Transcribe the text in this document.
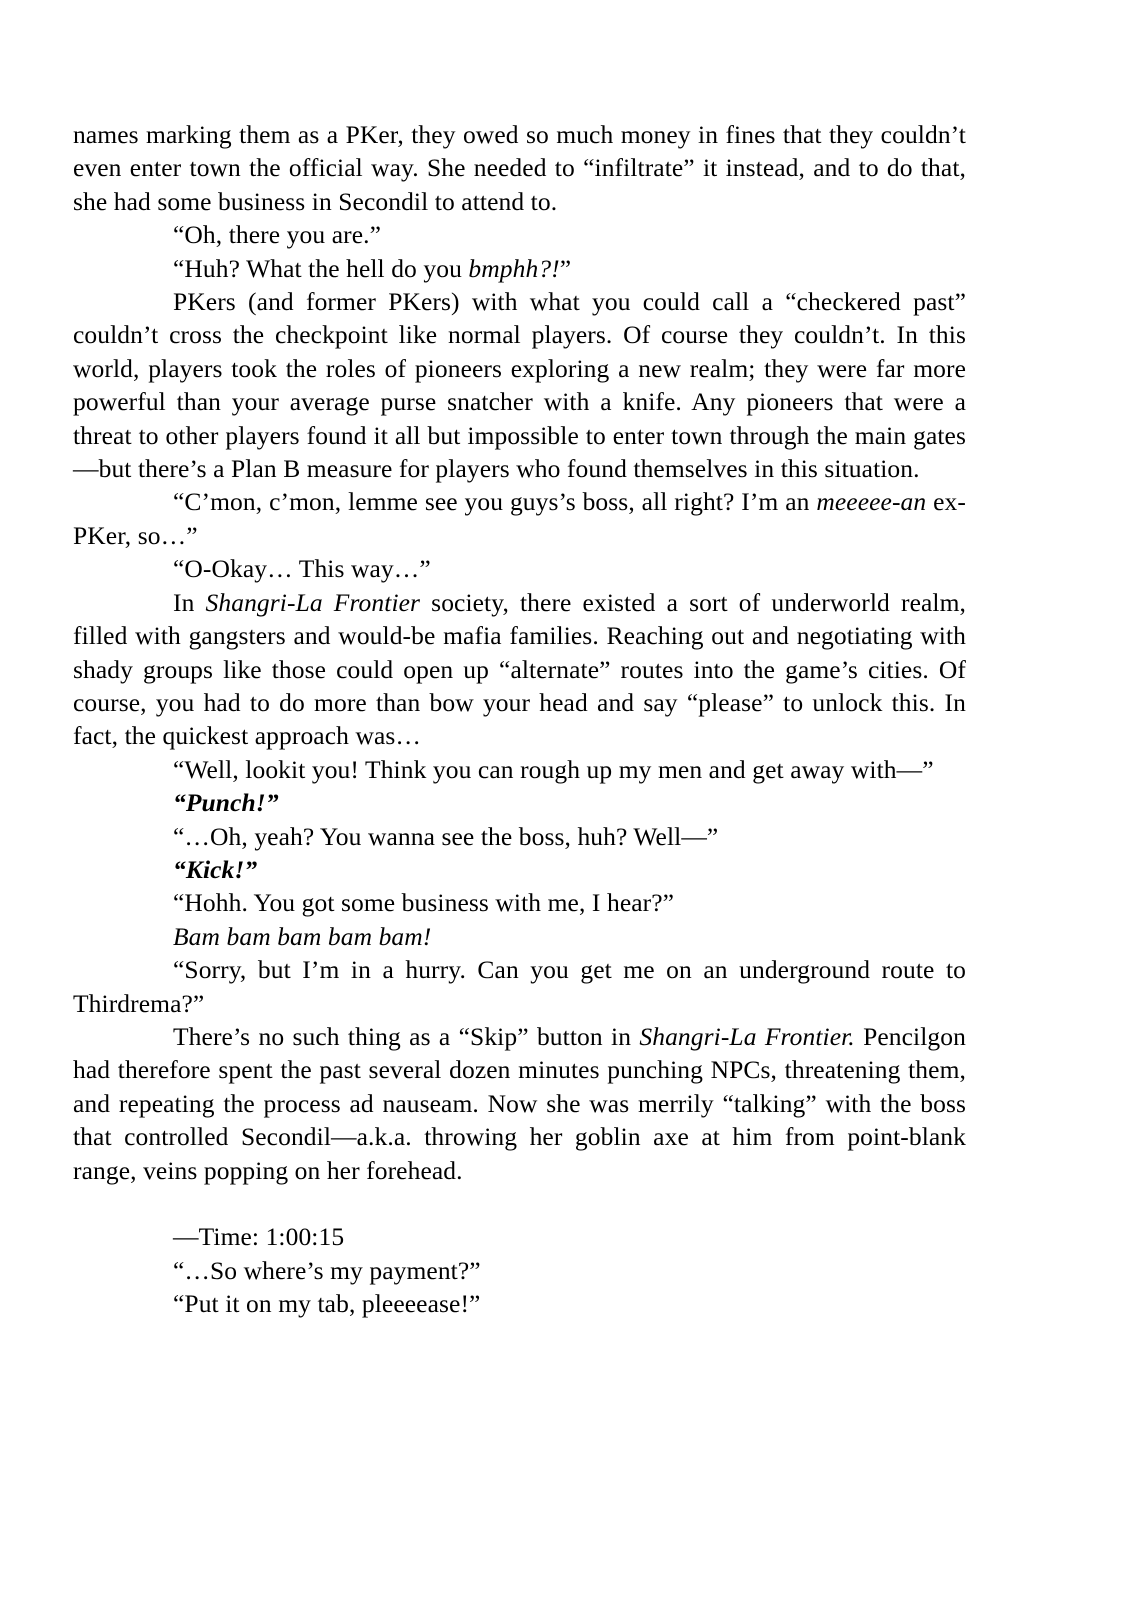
names marking them as a PKer, they owed so much money in fines that they couldn’t even enter town the official way. She needed to “infiltrate” it instead, and to do that, she had some business in Secondil to attend to.

“Oh, there you are.”

“Huh? What the hell do you bmphh?!”

PKers (and former PKers) with what you could call a “checkered past” couldn’t cross the checkpoint like normal players. Of course they couldn’t. In this world, players took the roles of pioneers exploring a new realm; they were far more powerful than your average purse snatcher with a knife. Any pioneers that were a threat to other players found it all but impossible to enter town through the main gates—but there’s a Plan B measure for players who found themselves in this situation.

“C’mon, c’mon, lemme see you guys’s boss, all right? I’m an meeeee-an ex-PKer, so…”

“O-Okay… This way…”

In Shangri-La Frontier society, there existed a sort of underworld realm, filled with gangsters and would-be mafia families. Reaching out and negotiating with shady groups like those could open up “alternate” routes into the game’s cities. Of course, you had to do more than bow your head and say “please” to unlock this. In fact, the quickest approach was…

“Well, lookit you! Think you can rough up my men and get away with—”

“Punch!”

“…Oh, yeah? You wanna see the boss, huh? Well—”

“Kick!”

“Hohh. You got some business with me, I hear?”

Bam bam bam bam bam!

“Sorry, but I’m in a hurry. Can you get me on an underground route to Thirdrema?”

There’s no such thing as a “Skip” button in Shangri-La Frontier. Pencilgon had therefore spent the past several dozen minutes punching NPCs, threatening them, and repeating the process ad nauseam. Now she was merrily “talking” with the boss that controlled Secondil—a.k.a. throwing her goblin axe at him from point-blank range, veins popping on her forehead.

—Time: 1:00:15

“…So where’s my payment?”

“Put it on my tab, pleeeease!”
